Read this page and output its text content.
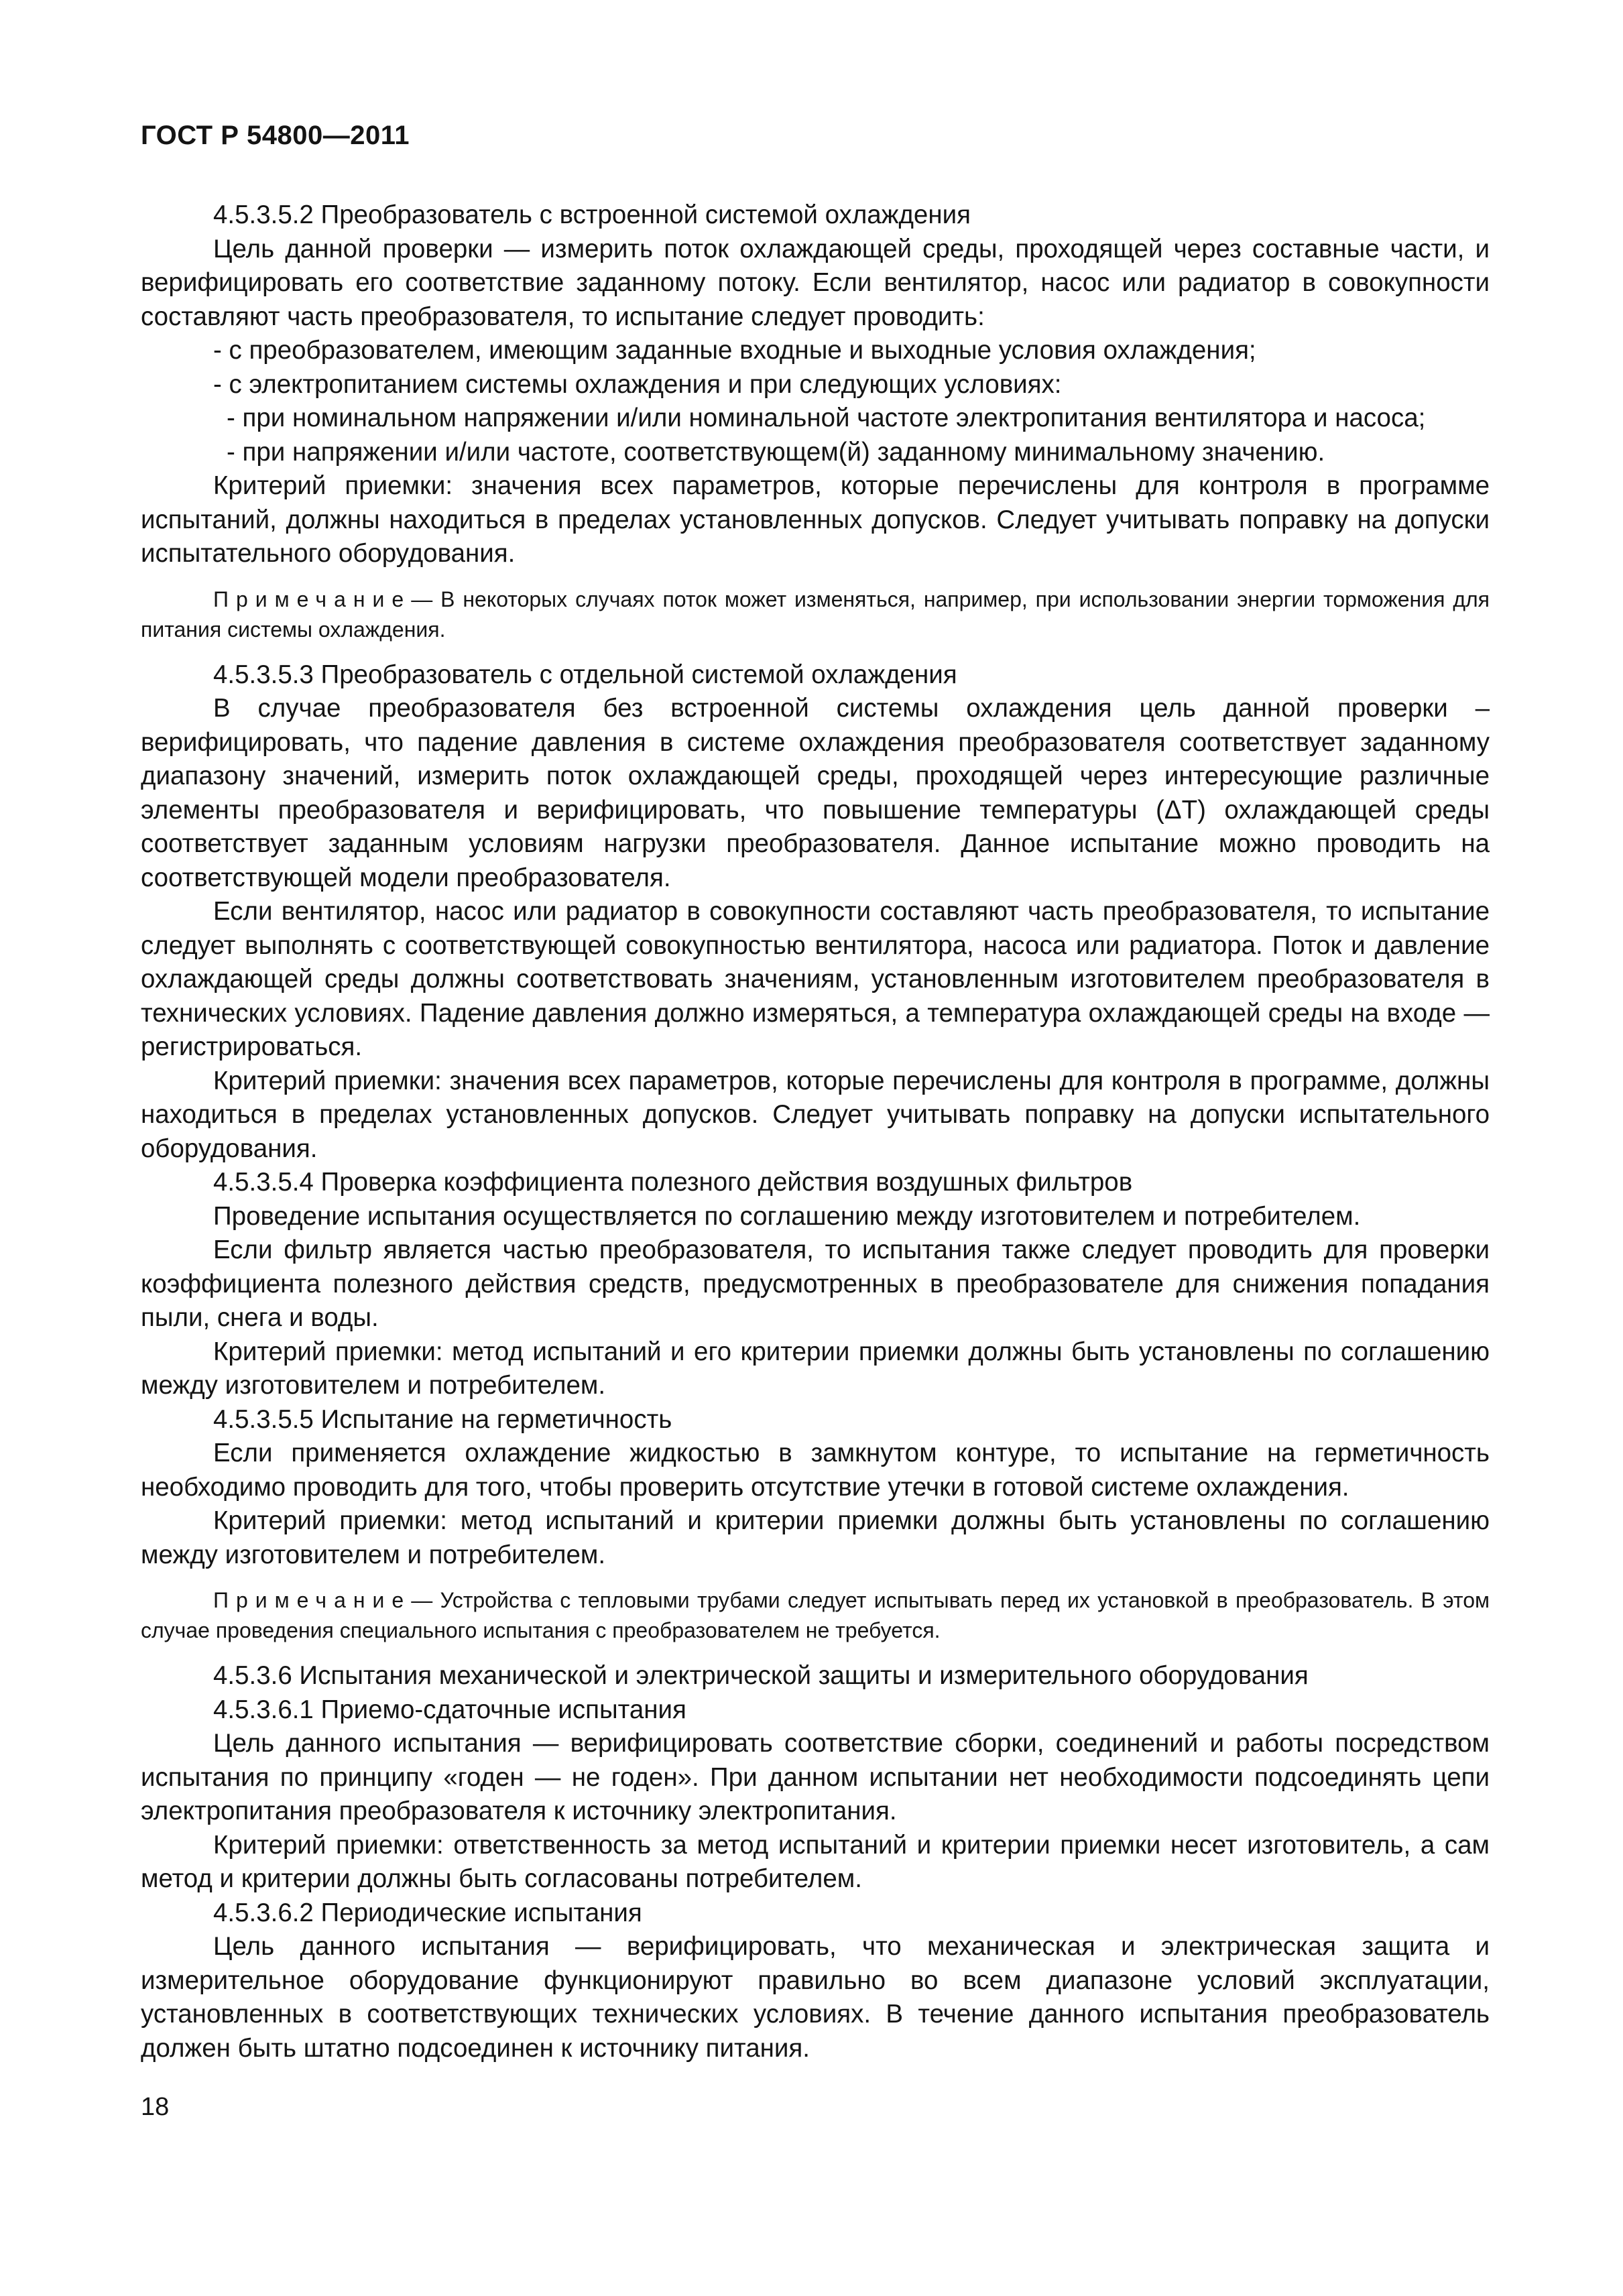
ГОСТ Р 54800—2011

4.5.3.5.2 Преобразователь с встроенной системой охлаждения

Цель данной проверки — измерить поток охлаждающей среды, проходящей через составные части, и верифицировать его соответствие заданному потоку. Если вентилятор, насос или радиатор в совокупности составляют часть преобразователя, то испытание следует проводить:

- с преобразователем, имеющим заданные входные и выходные условия охлаждения;

- с электропитанием системы охлаждения и при следующих условиях:

- при номинальном напряжении и/или номинальной частоте электропитания вентилятора и насоса;

- при напряжении и/или частоте, соответствующем(й) заданному минимальному значению.

Критерий приемки: значения всех параметров, которые перечислены для контроля в программе испытаний, должны находиться в пределах установленных допусков. Следует учитывать поправку на допуски испытательного оборудования.

Примечание— В некоторых случаях поток может изменяться, например, при использовании энергии торможения для питания системы охлаждения.

4.5.3.5.3 Преобразователь с отдельной системой охлаждения

В случае преобразователя без встроенной системы охлаждения цель данной проверки – верифицировать, что падение давления в системе охлаждения преобразователя соответствует заданному диапазону значений, измерить поток охлаждающей среды, проходящей через интересующие различные элементы преобразователя и верифицировать, что повышение температуры (ΔT) охлаждающей среды соответствует заданным условиям нагрузки преобразователя. Данное испытание можно проводить на соответствующей модели преобразователя.

Если вентилятор, насос или радиатор в совокупности составляют часть преобразователя, то испытание следует выполнять с соответствующей совокупностью вентилятора, насоса или радиатора. Поток и давление охлаждающей среды должны соответствовать значениям, установленным изготовителем преобразователя в технических условиях. Падение давления должно измеряться, а температура охлаждающей среды на входе — регистрироваться.

Критерий приемки: значения всех параметров, которые перечислены для контроля в программе, должны находиться в пределах установленных допусков. Следует учитывать поправку на допуски испытательного оборудования.

4.5.3.5.4 Проверка коэффициента полезного действия воздушных фильтров

Проведение испытания осуществляется по соглашению между изготовителем и потребителем.

Если фильтр является частью преобразователя, то испытания также следует проводить для проверки коэффициента полезного действия средств, предусмотренных в преобразователе для снижения попадания пыли, снега и воды.

Критерий приемки: метод испытаний и его критерии приемки должны быть установлены по соглашению между изготовителем и потребителем.

4.5.3.5.5 Испытание на герметичность

Если применяется охлаждение жидкостью в замкнутом контуре, то испытание на герметичность необходимо проводить для того, чтобы проверить отсутствие утечки в готовой системе охлаждения.

Критерий приемки: метод испытаний и критерии приемки должны быть установлены по соглашению между изготовителем и потребителем.

Примечание— Устройства с тепловыми трубами следует испытывать перед их установкой в преобразователь. В этом случае проведения специального испытания с преобразователем не требуется.

4.5.3.6 Испытания механической и электрической защиты и измерительного оборудования

4.5.3.6.1 Приемо-сдаточные испытания

Цель данного испытания — верифицировать соответствие сборки, соединений и работы посредством испытания по принципу «годен — не годен». При данном испытании нет необходимости подсоединять цепи электропитания преобразователя к источнику электропитания.

Критерий приемки: ответственность за метод испытаний и критерии приемки несет изготовитель, а сам метод и критерии должны быть согласованы потребителем.

4.5.3.6.2 Периодические испытания

Цель данного испытания — верифицировать, что механическая и электрическая защита и измерительное оборудование функционируют правильно во всем диапазоне условий эксплуатации, установленных в соответствующих технических условиях. В течение данного испытания преобразователь должен быть штатно подсоединен к источнику питания.

18
